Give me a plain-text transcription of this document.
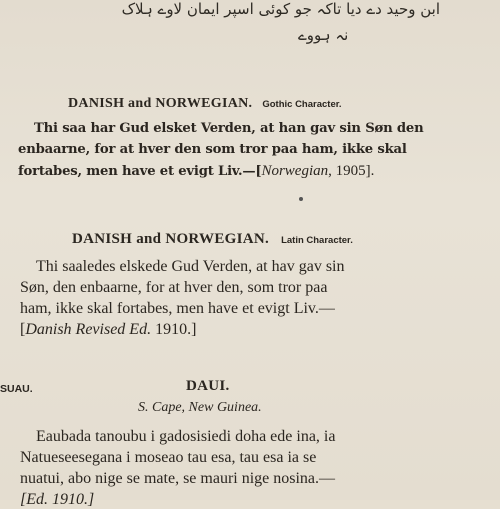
ابن وحید دے دیا تاکہ جو کوئی اسپر ایمان لاوے ہلاک
نہ ہووے
DANISH and NORWEGIAN. Gothic Character.
Thi saa har Gud elsket Verden, at han gav sin Søn den
enbaarne, for at hver den som tror paa ham, ikke skal
fortabes, men have et evigt Liv.—[Norwegian, 1905].
DANISH and NORWEGIAN. Latin Character.
Thi saaledes elskede Gud Verden, at hav gav sin
Søn, den enbaarne, for at hver den, som tror paa
ham, ikke skal fortabes, men have et evigt Liv.—
[Danish Revised Ed. 1910.]
SUAU.	DAUI.
S. Cape, New Guinea.
Eaubada tanoubu i gadosisiedi doha ede ina, ia
Natueseesegana i moseao tau esa, tau esa ia se
nuatui, abo nige se mate, se mauri nige nosina.—
[Ed. 1910.]
